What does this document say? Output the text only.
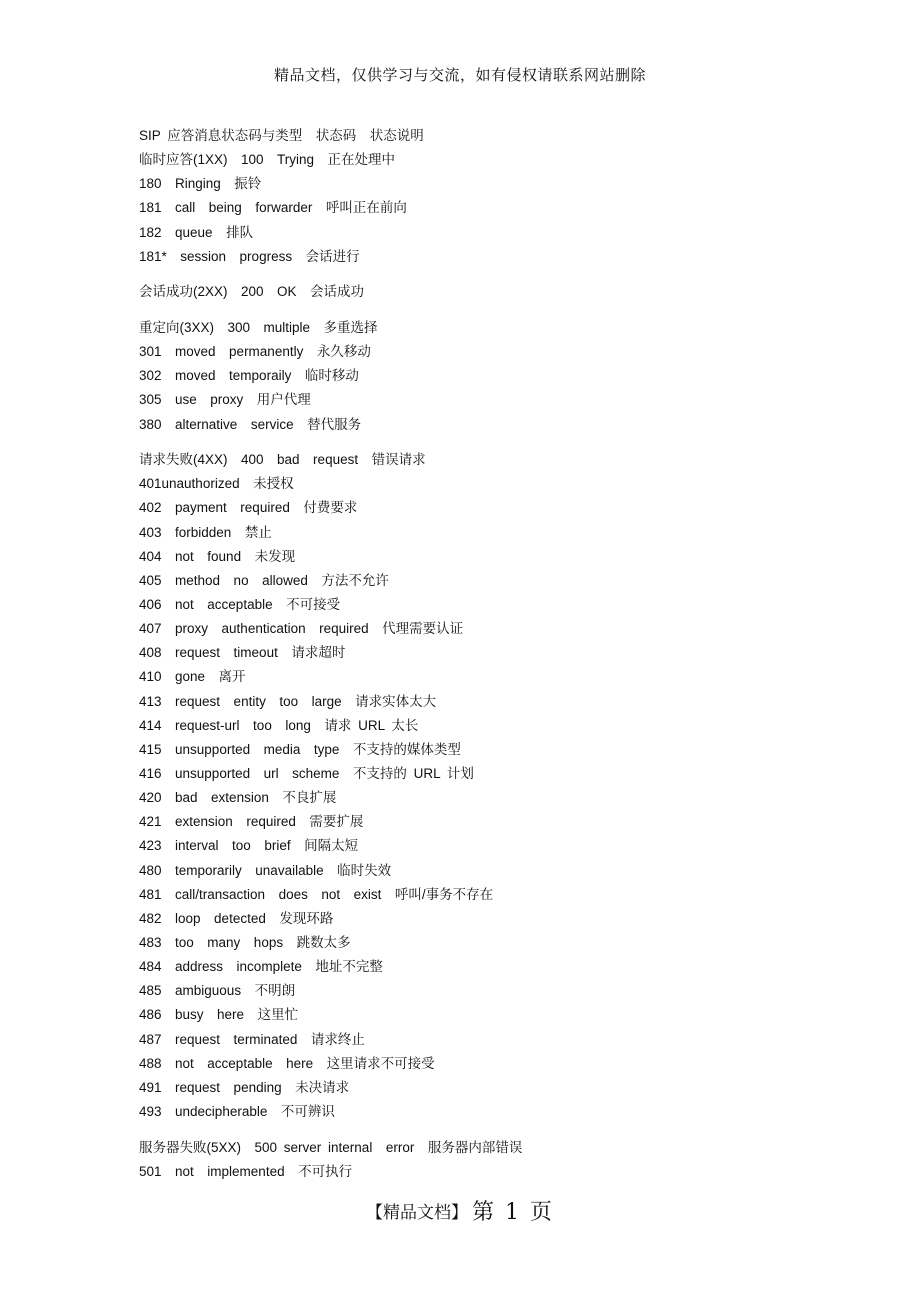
精品文档，仅供学习与交流，如有侵权请联系网站删除
SIP 应答消息状态码与类型  状态码  状态说明
临时应答(1XX)  100  Trying  正在处理中
180  Ringing  振铃
181  call  being  forwarder  呼叫正在前向
182  queue  排队
181*  session  progress  会话进行
会话成功(2XX)  200  OK  会话成功
重定向(3XX)  300  multiple  多重选择
301  moved  permanently  永久移动
302  moved  temporaily  临时移动
305  use  proxy  用户代理
380  alternative  service  替代服务
请求失败(4XX)  400  bad  request  错误请求
401unauthorized  未授权
402  payment  required  付费要求
403  forbidden  禁止
404  not  found  未发现
405  method  no  allowed  方法不允许
406  not  acceptable  不可接受
407  proxy  authentication  required  代理需要认证
408  request  timeout  请求超时
410  gone  离开
413  request  entity  too  large  请求实体太大
414  request-url  too  long  请求 URL 太长
415  unsupported  media  type  不支持的媒体类型
416  unsupported  url  scheme  不支持的 URL 计划
420  bad  extension  不良扩展
421  extension  required  需要扩展
423  interval  too  brief  间隔太短
480  temporarily  unavailable  临时失效
481  call/transaction  does  not  exist  呼叫/事务不存在
482  loop  detected  发现环路
483  too  many  hops  跳数太多
484  address  incomplete  地址不完整
485  ambiguous  不明朗
486  busy  here  这里忙
487  request  terminated  请求终止
488  not  acceptable  here  这里请求不可接受
491  request  pending  未决请求
493  undecipherable  不可辨识
服务器失败(5XX)  500 server internal  error  服务器内部错误
501  not  implemented  不可执行
【精品文档】 第 1 页
